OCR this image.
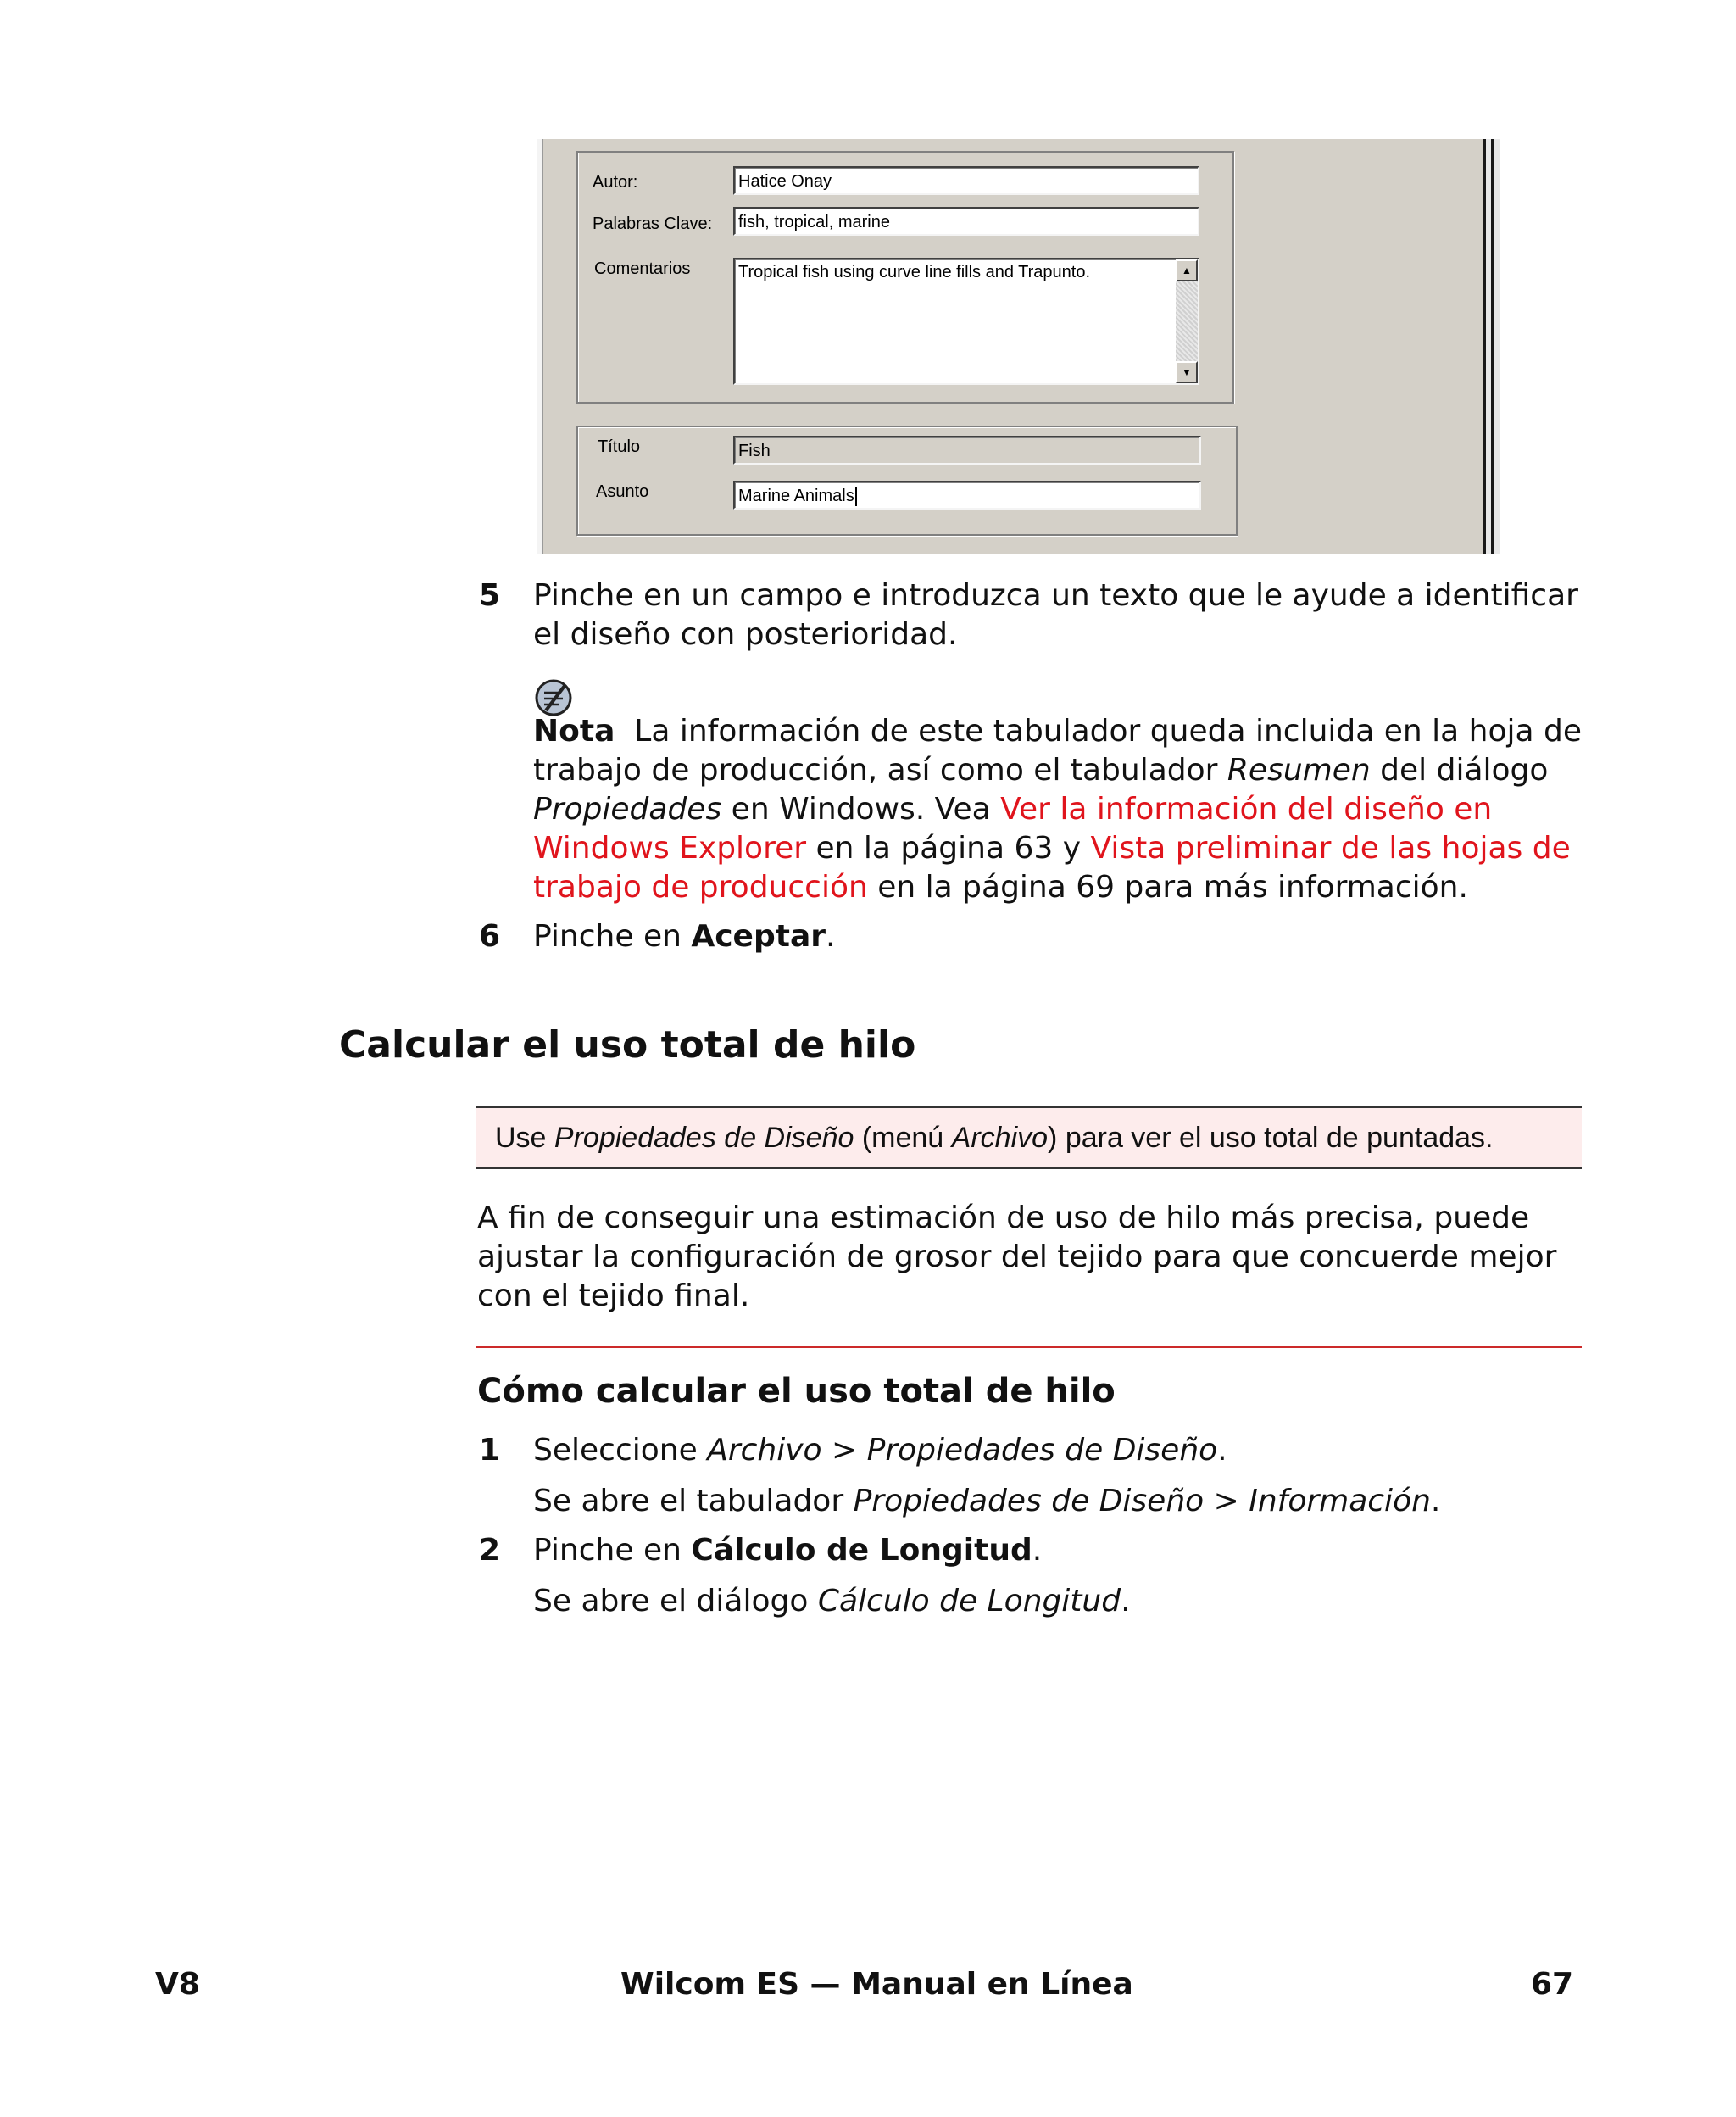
Autor:	Hatice Onay
Palabras Clave:	fish, tropical, marine
Comentarios	Tropical fish using curve line fills and Trapunto.	▲
▼
Título	Fish
Asunto	Marine Animals
5 Pinche en un campo e introduzca un texto que le ayude a identificar el diseño con posterioridad.
Nota La información de este tabulador queda incluida en la hoja de trabajo de producción, así como el tabulador Resumen del diálogo Propiedades en Windows. Vea Ver la información del diseño en Windows Explorer en la página 63 y Vista preliminar de las hojas de trabajo de producción en la página 69 para más información.
6 Pinche en Aceptar.
Calcular el uso total de hilo
Use Propiedades de Diseño (menú Archivo) para ver el uso total de puntadas.
A fin de conseguir una estimación de uso de hilo más precisa, puede ajustar la configuración de grosor del tejido para que concuerde mejor con el tejido final.
Cómo calcular el uso total de hilo
1 Seleccione Archivo > Propiedades de Diseño.
Se abre el tabulador Propiedades de Diseño > Información.
2 Pinche en Cálculo de Longitud.
Se abre el diálogo Cálculo de Longitud.
V8	Wilcom ES — Manual en Línea	67
